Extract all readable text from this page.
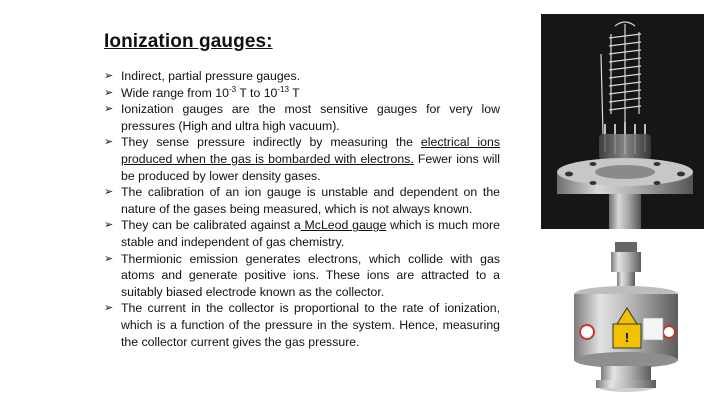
Ionization gauges:
➢ Indirect, partial pressure gauges.
➢ Wide range from $10^{-3}$ T to $10^{-13}$ T
➢ Ionization gauges are the most sensitive gauges for very low pressures (High and ultra high vacuum).
➢ They sense pressure indirectly by measuring the electrical ions produced when the gas is bombarded with electrons. Fewer ions will be produced by lower density gases.
➢ The calibration of an ion gauge is unstable and dependent on the nature of the gases being measured, which is not always known.
➢ They can be calibrated against a McLeod gauge which is much more stable and independent of gas chemistry.
➢ Thermionic emission generates electrons, which collide with gas atoms and generate positive ions. These ions are attracted to a suitably biased electrode known as the collector.
➢ The current in the collector is proportional to the rate of ionization, which is a function of the pressure in the system. Hence, measuring the collector current gives the gas pressure.	!
